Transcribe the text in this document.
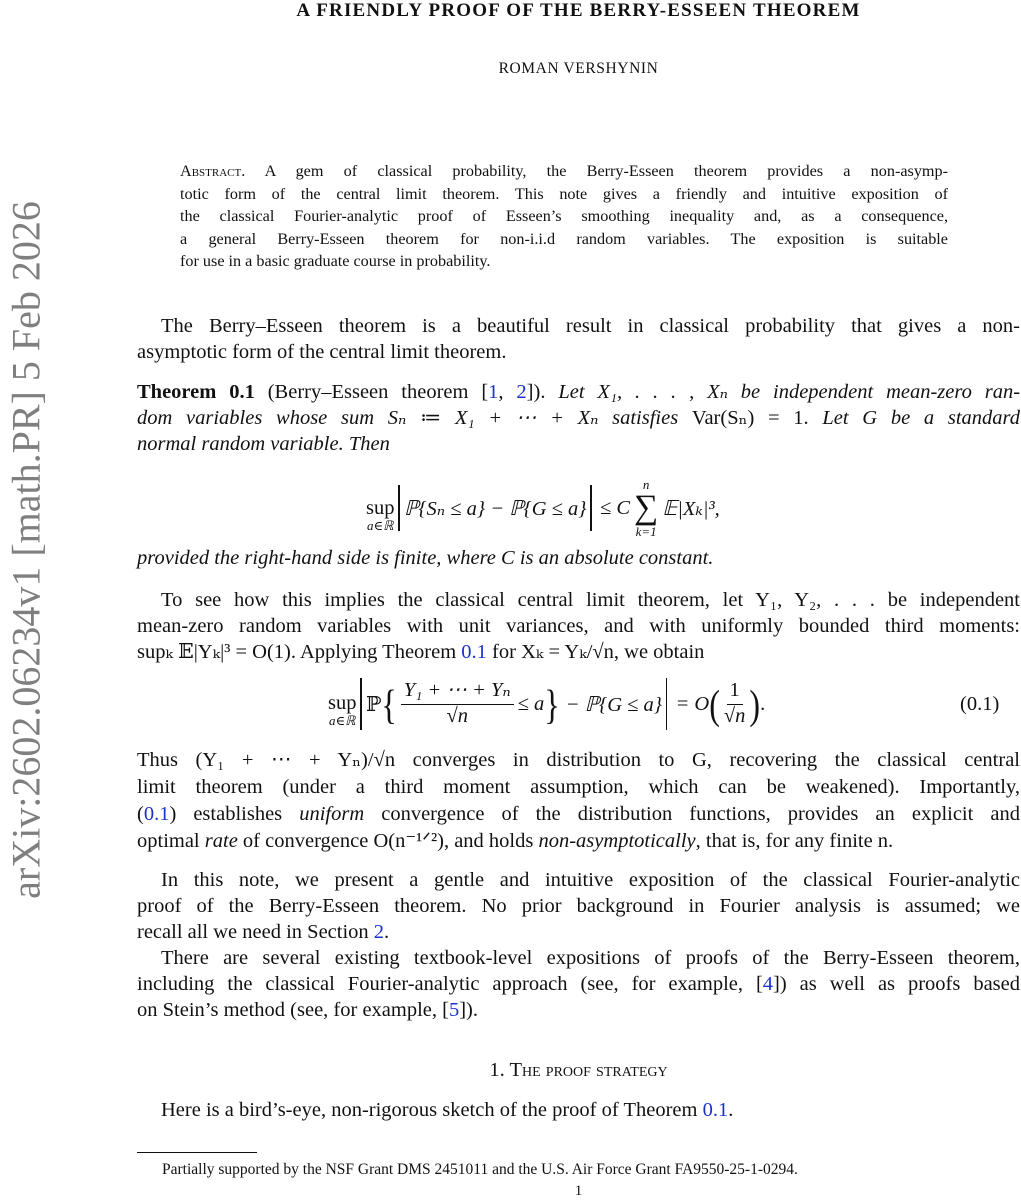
arXiv:2602.06234v1 [math.PR] 5 Feb 2026
A FRIENDLY PROOF OF THE BERRY-ESSEEN THEOREM
ROMAN VERSHYNIN
Abstract. A gem of classical probability, the Berry-Esseen theorem provides a non-asymp-
totic form of the central limit theorem. This note gives a friendly and intuitive exposition of
the classical Fourier-analytic proof of Esseen’s smoothing inequality and, as a consequence,
a general Berry-Esseen theorem for non-i.i.d random variables. The exposition is suitable
for use in a basic graduate course in probability.
The Berry–Esseen theorem is a beautiful result in classical probability that gives a non-
asymptotic form of the central limit theorem.
Theorem 0.1 (Berry–Esseen theorem [1, 2]). Let X₁, . . . , Xₙ be independent mean-zero ran-
dom variables whose sum Sₙ ≔ X₁ + ⋯ + Xₙ satisfies Var(Sₙ) = 1. Let G be a standard
normal random variable. Then
sup
a∈ℝ
ℙ{Sₙ ≤ a} − ℙ{G ≤ a} ≤ C
n
∑
k=1
𝔼|Xₖ|³,
provided the right-hand side is finite, where C is an absolute constant.
To see how this implies the classical central limit theorem, let Y₁, Y₂, . . . be independent
mean-zero random variables with unit variances, and with uniformly bounded third moments:
supₖ 𝔼|Yₖ|³ = O(1). Applying Theorem 0.1 for Xₖ = Yₖ/√n, we obtain
sup
a∈ℝ
ℙ { $\frac{\text{Y₁ + ⋯ + Yₙ}}{√n} \le a$ } − ℙ{G ≤ a} = O ( $\frac{1}{√n}$ ) .	(0.1)
Thus (Y₁ + ⋯ + Yₙ)/√n converges in distribution to G, recovering the classical central
limit theorem (under a third moment assumption, which can be weakened). Importantly,
(0.1) establishes uniform convergence of the distribution functions, provides an explicit and
optimal rate of convergence O(n⁻¹ᐟ²), and holds non-asymptotically, that is, for any finite n.
In this note, we present a gentle and intuitive exposition of the classical Fourier-analytic
proof of the Berry-Esseen theorem. No prior background in Fourier analysis is assumed; we
recall all we need in Section 2.
There are several existing textbook-level expositions of proofs of the Berry-Esseen theorem,
including the classical Fourier-analytic approach (see, for example, [4]) as well as proofs based
on Stein’s method (see, for example, [5]).
1. The proof strategy
Here is a bird’s-eye, non-rigorous sketch of the proof of Theorem 0.1.
Partially supported by the NSF Grant DMS 2451011 and the U.S. Air Force Grant FA9550-25-1-0294.
1
